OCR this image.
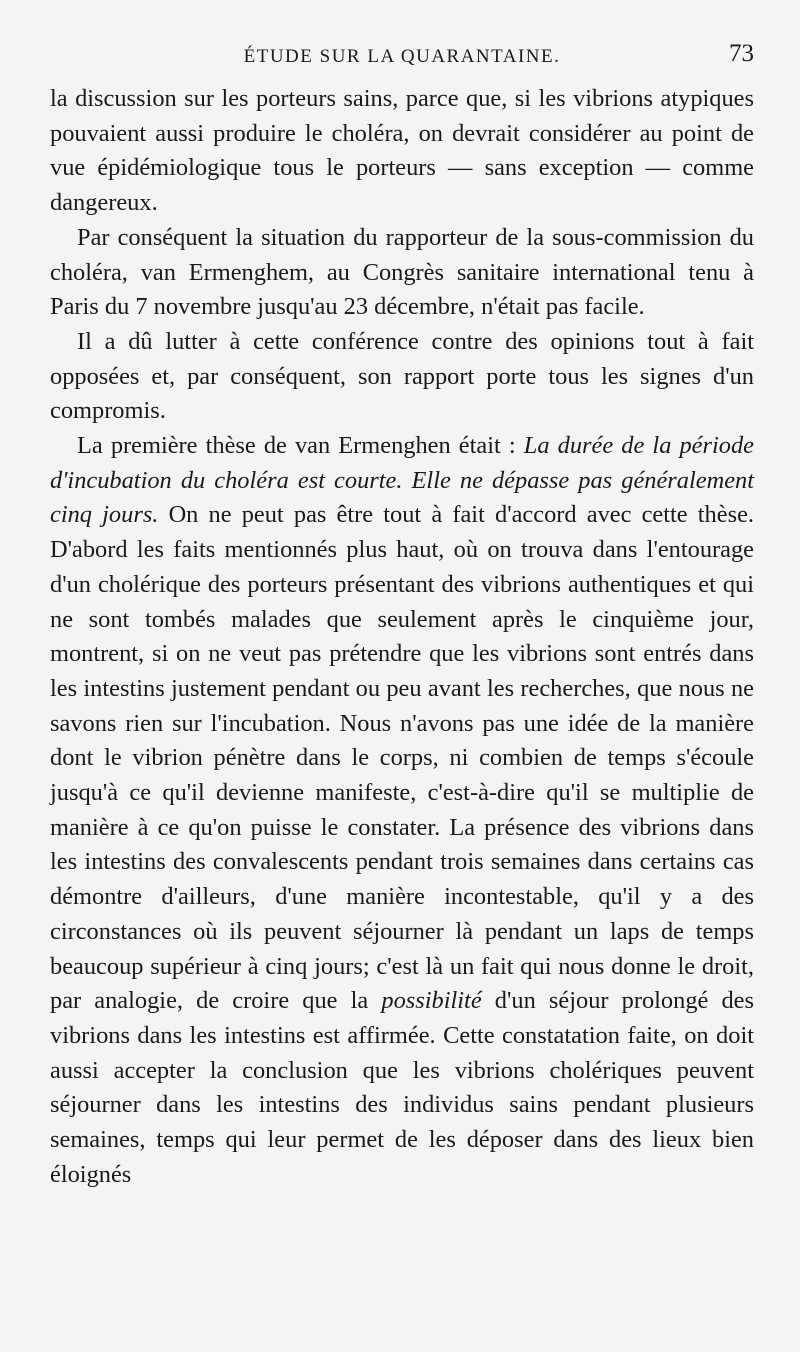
ÉTUDE SUR LA QUARANTAINE.	73

la discussion sur les porteurs sains, parce que, si les vibrions atypiques pouvaient aussi produire le choléra, on devrait considérer au point de vue épidémiologique tous le porteurs — sans exception — comme dangereux.

Par conséquent la situation du rapporteur de la sous-commission du choléra, van Ermenghem, au Congrès sanitaire international tenu à Paris du 7 novembre jusqu'au 23 décembre, n'était pas facile.

Il a dû lutter à cette conférence contre des opinions tout à fait opposées et, par conséquent, son rapport porte tous les signes d'un compromis.

La première thèse de van Ermenghen était : La durée de la période d'incubation du choléra est courte. Elle ne dépasse pas généralement cinq jours. On ne peut pas être tout à fait d'accord avec cette thèse. D'abord les faits mentionnés plus haut, où on trouva dans l'entourage d'un cholérique des porteurs présentant des vibrions authentiques et qui ne sont tombés malades que seulement après le cinquième jour, montrent, si on ne veut pas prétendre que les vibrions sont entrés dans les intestins justement pendant ou peu avant les recherches, que nous ne savons rien sur l'incubation. Nous n'avons pas une idée de la manière dont le vibrion pénètre dans le corps, ni combien de temps s'écoule jusqu'à ce qu'il devienne manifeste, c'est-à-dire qu'il se multiplie de manière à ce qu'on puisse le constater. La présence des vibrions dans les intestins des convalescents pendant trois semaines dans certains cas démontre d'ailleurs, d'une manière incontestable, qu'il y a des circonstances où ils peuvent séjourner là pendant un laps de temps beaucoup supérieur à cinq jours; c'est là un fait qui nous donne le droit, par analogie, de croire que la possibilité d'un séjour prolongé des vibrions dans les intestins est affirmée. Cette constatation faite, on doit aussi accepter la conclusion que les vibrions cholériques peuvent séjourner dans les intestins des individus sains pendant plusieurs semaines, temps qui leur permet de les déposer dans des lieux bien éloignés
